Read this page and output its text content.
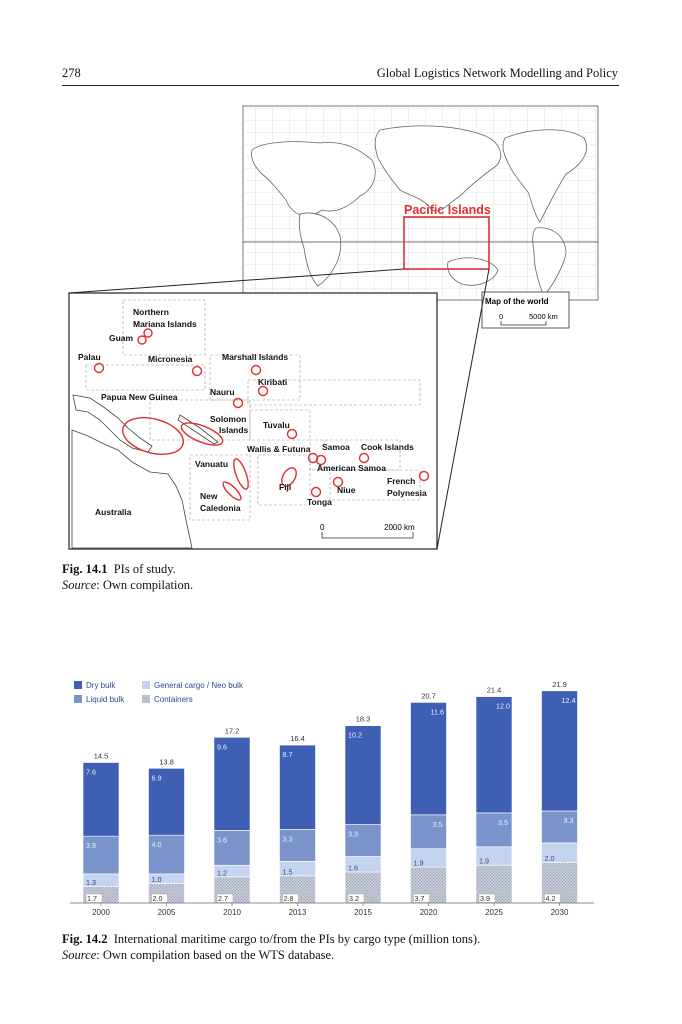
278	Global Logistics Network Modelling and Policy
Pacific Islands
Map of the world
0	5000 km
Northern
Mariana Islands
Guam
Palau	Micronesia	Marshall Islands
Kiribati
Nauru
Papua New Guinea
Solomon
Islands Tuvalu
Wallis & Futuna Samoa Cook Islands
Vanuatu	American Samoa
Fiji
French
Polynesia
Niue
Tonga
New
Caledonia
Australia
0	2000 km
Fig. 14.1 PIs of study.
Source: Own compilation.
Dry bulk	General cargo / Neo bulk
Liquid bulk	Containers
1.7
1.3
3.9
7.6
14.5
2.0
1.0
4.0
6.9
13.8
2.7
1.2
3.6
9.6
17.2
2.8
1.5
3.3
8.7
16.4
3.2
1.6
3.3
10.2
18.3
3.7
1.9
3.5
11.6
20.7
3.9
1.9
3.5
12.0
21.4
4.2
2.0
3.3
12.4
21.9
2000	2005	2010	2013	2015	2020	2025	2030
Fig. 14.2 International maritime cargo to/from the PIs by cargo type (million tons).
Source: Own compilation based on the WTS database.
